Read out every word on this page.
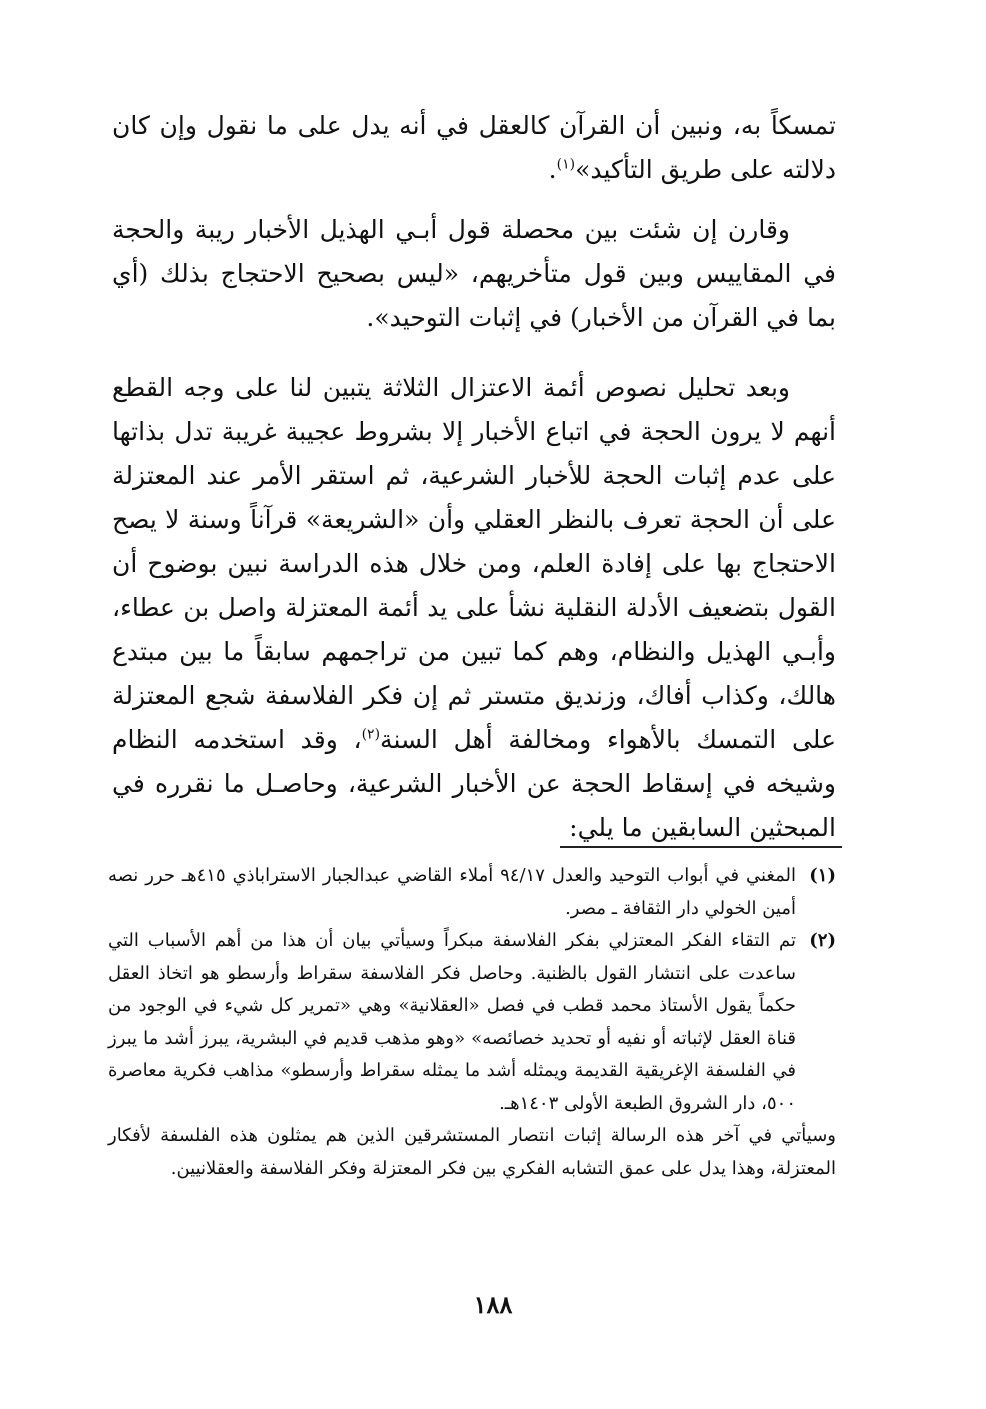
تمسكاً به، ونبين أن القرآن كالعقل في أنه يدل على ما نقول وإن كان دلالته على طريق التأكيد»$^{(١)}$.

وقارن إن شئت بين محصلة قول أبـي الهذيل الأخبار ريبة والحجة في المقاييس وبين قول متأخريهم، «ليس بصحيح الاحتجاج بذلك (أي بما في القرآن من الأخبار) في إثبات التوحيد».

وبعد تحليل نصوص أئمة الاعتزال الثلاثة يتبين لنا على وجه القطع أنهم لا يرون الحجة في اتباع الأخبار إلا بشروط عجيبة غريبة تدل بذاتها على عدم إثبات الحجة للأخبار الشرعية، ثم استقر الأمر عند المعتزلة على أن الحجة تعرف بالنظر العقلي وأن «الشريعة» قرآناً وسنة لا يصح الاحتجاج بها على إفادة العلم، ومن خلال هذه الدراسة نبين بوضوح أن القول بتضعيف الأدلة النقلية نشأ على يد أئمة المعتزلة واصل بن عطاء، وأبـي الهذيل والنظام، وهم كما تبين من تراجمهم سابقاً ما بين مبتدع هالك، وكذاب أفاك، وزنديق متستر ثم إن فكر الفلاسفة شجع المعتزلة على التمسك بالأهواء ومخالفة أهل السنة$^{(٢)}$، وقد استخدمه النظام وشيخه في إسقاط الحجة عن الأخبار الشرعية، وحاصـل ما نقرره في المبحثين السابقين ما يلي:

(١)
المغني في أبواب التوحيد والعدل ٩٤/١٧ أملاء القاضي عبدالجبار الاستراباذي ٤١٥هـ حرر نصه أمين الخولي دار الثقافة ـ مصر.
(٢)
تم التقاء الفكر المعتزلي بفكر الفلاسفة مبكراً وسيأتي بيان أن هذا من أهم الأسباب التي ساعدت على انتشار القول بالظنية. وحاصل فكر الفلاسفة سقراط وأرسطو هو اتخاذ العقل حكماً يقول الأستاذ محمد قطب في فصل «العقلانية» وهي «تمرير كل شيء في الوجود من قناة العقل لإثباته أو نفيه أو تحديد خصائصه» «وهو مذهب قديم في البشرية، يبرز أشد ما يبرز في الفلسفة الإغريقية القديمة ويمثله أشد ما يمثله سقراط وأرسطو» مذاهب فكرية معاصرة ٥٠٠، دار الشروق الطبعة الأولى ١٤٠٣هـ.

وسيأتي في آخر هذه الرسالة إثبات انتصار المستشرقين الذين هم يمثلون هذه الفلسفة لأفكار المعتزلة، وهذا يدل على عمق التشابه الفكري بين فكر المعتزلة وفكر الفلاسفة والعقلانيين.

١٨٨
